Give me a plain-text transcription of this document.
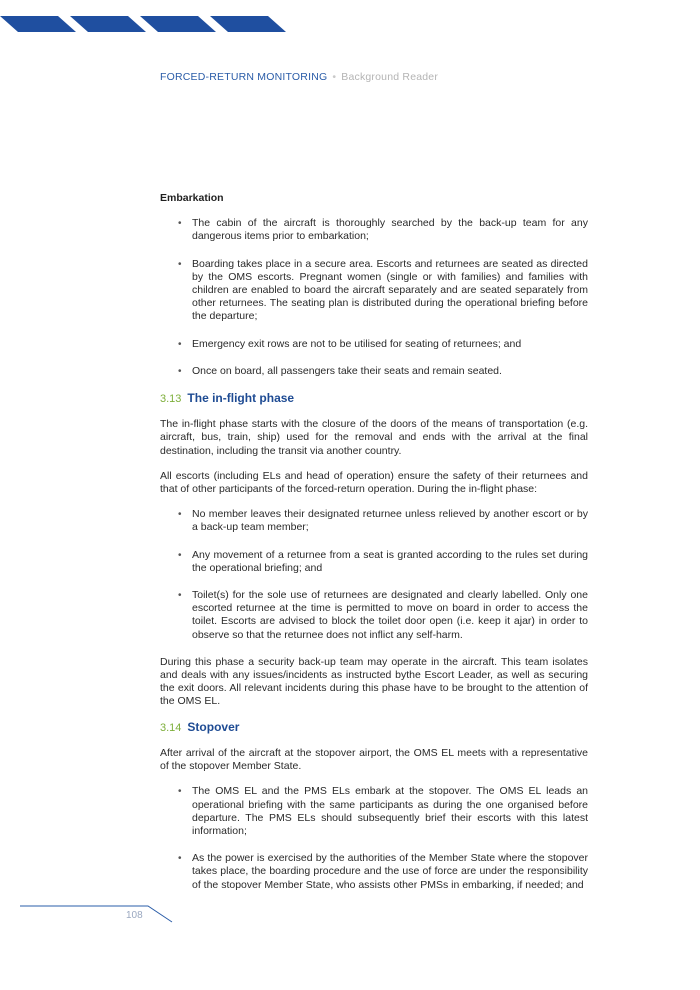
FORCED-RETURN MONITORING • Background Reader
Embarkation
• The cabin of the aircraft is thoroughly searched by the back-up team for any dangerous items prior to embarkation;
• Boarding takes place in a secure area. Escorts and returnees are seated as directed by the OMS escorts. Pregnant women (single or with families) and families with children are enabled to board the aircraft separately and are seated separately from other returnees. The seating plan is distributed during the operational briefing before the departure;
• Emergency exit rows are not to be utilised for seating of returnees; and
• Once on board, all passengers take their seats and remain seated.
3.13 The in-flight phase

The in-flight phase starts with the closure of the doors of the means of transportation (e.g. aircraft, bus, train, ship) used for the removal and ends with the arrival at the final destination, including the transit via another country.

All escorts (including ELs and head of operation) ensure the safety of their returnees and that of other participants of the forced-return operation. During the in-flight phase:

• No member leaves their designated returnee unless relieved by another escort or by a back-up team member;
• Any movement of a returnee from a seat is granted according to the rules set during the operational briefing; and
• Toilet(s) for the sole use of returnees are designated and clearly labelled. Only one escorted returnee at the time is permitted to move on board in order to access the toilet. Escorts are advised to block the toilet door open (i.e. keep it ajar) in order to observe so that the returnee does not inflict any self-harm.

During this phase a security back-up team may operate in the aircraft. This team isolates and deals with any issues/incidents as instructed bythe Escort Leader, as well as securing the exit doors. All relevant incidents during this phase have to be brought to the attention of the OMS EL.

3.14 Stopover

After arrival of the aircraft at the stopover airport, the OMS EL meets with a representative of the stopover Member State.

• The OMS EL and the PMS ELs embark at the stopover. The OMS EL leads an operational briefing with the same participants as during the one organised before departure. The PMS ELs should subsequently brief their escorts with this latest information;
• As the power is exercised by the authorities of the Member State where the stopover takes place, the boarding procedure and the use of force are under the responsibility of the stopover Member State, who assists other PMSs in embarking, if needed; and
108
